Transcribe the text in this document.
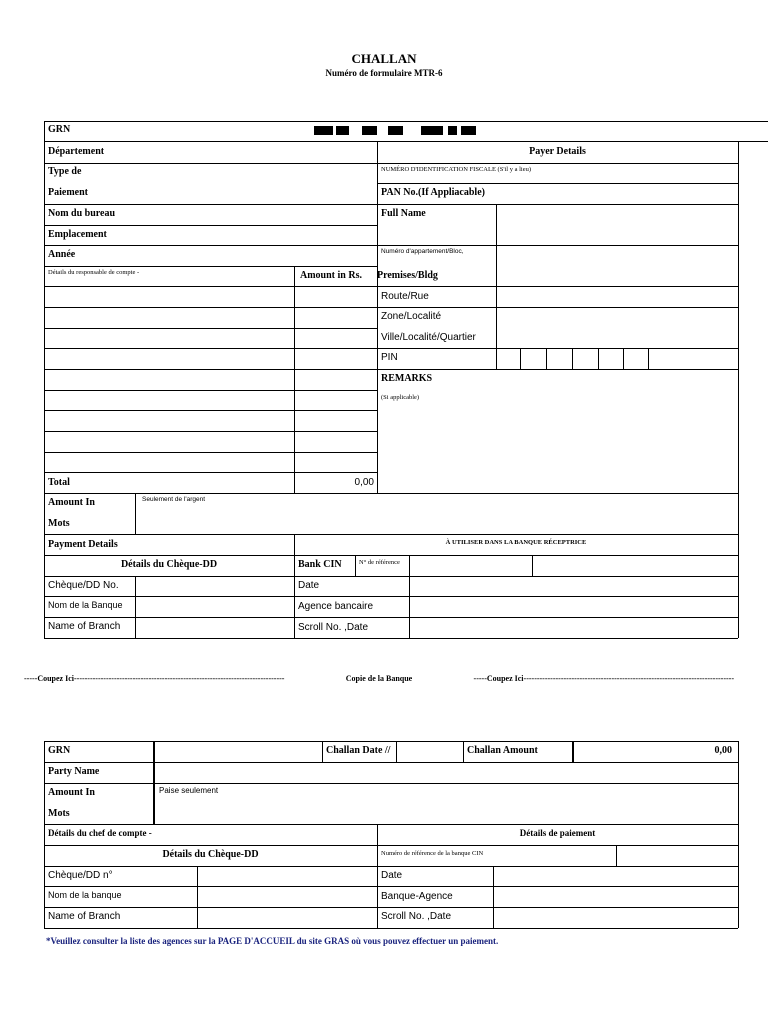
CHALLAN
Numéro de formulaire MTR-6
GRN
Département
Type de
Paiement
Nom du bureau
Emplacement
Année
Détails du responsable de compte -	Amount in Rs.
Payer Details
NUMÉRO D'IDENTIFICATION FISCALE (S'il y a lieu)
PAN No.(If Appliacable)
Full Name
Numéro d'appartement/Bloc,
Premises/Bldg
Route/Rue
Zone/Localité
Ville/Localité/Quartier
PIN
REMARKS
(Si applicable)
Total	0,00
Amount In
Mots
Seulement de l'argent
Payment Details	À UTILISER DANS LA BANQUE RÉCEPTRICE
Détails du Chèque-DD	Bank CIN	N° de référence
Chèque/DD No.	Date
Nom de la Banque	Agence bancaire
Name of Branch	Scroll No. ,Date
-----Coupez Ici-------------------------------------------------------------------------------	Copie de la Banque	-------------------------------------------------------------------------------Coupez Ici-----
GRN	Challan Date //	Challan Amount	0,00
Party Name
Amount In
Mots
Paise seulement
Détails du chef de compte -	Détails de paiement
Détails du Chèque-DD	Numéro de référence de la banque CIN
Chèque/DD n°	Date
Nom de la banque	Banque-Agence
Name of Branch	Scroll No. ,Date
*Veuillez consulter la liste des agences sur la PAGE D'ACCUEIL du site GRAS où vous pouvez effectuer un paiement.
